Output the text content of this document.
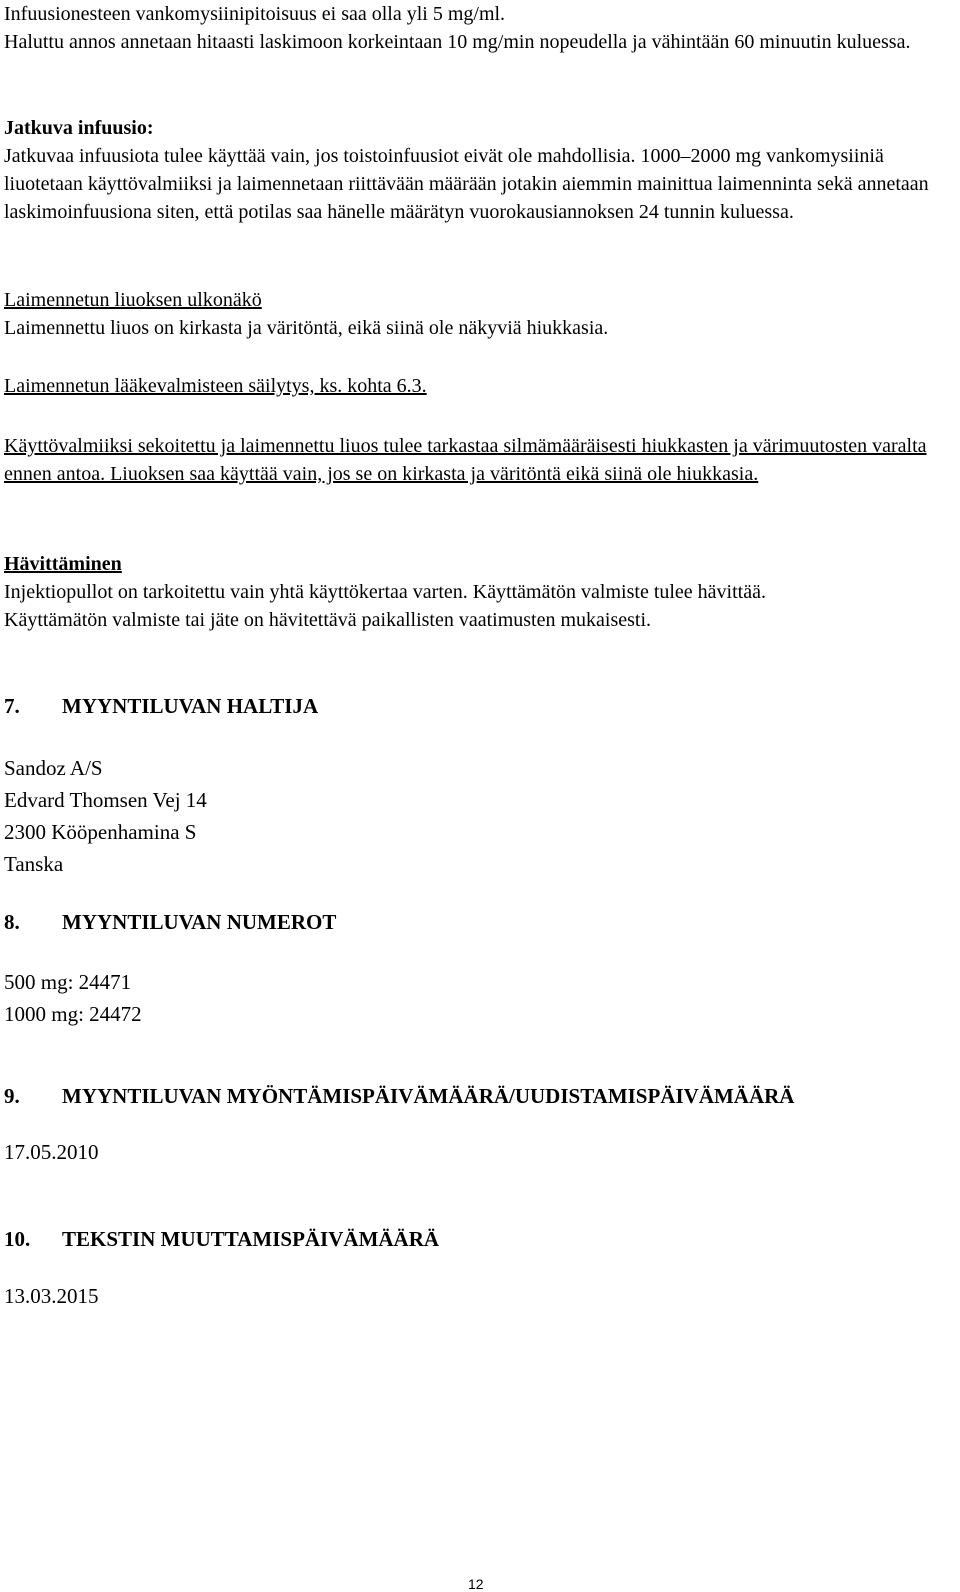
Infuusionesteen vankomysiinipitoisuus ei saa olla yli 5 mg/ml.

Haluttu annos annetaan hitaasti laskimoon korkeintaan 10 mg/min nopeudella ja vähintään 60 minuutin kuluessa.

Jatkuva infuusio:

Jatkuvaa infuusiota tulee käyttää vain, jos toistoinfuusiot eivät ole mahdollisia. 1000–2000 mg vankomysiiniä liuotetaan käyttövalmiiksi ja laimennetaan riittävään määrään jotakin aiemmin mainittua laimenninta sekä annetaan laskimoinfuusiona siten, että potilas saa hänelle määrätyn vuorokausiannoksen 24 tunnin kuluessa.

Laimennetun liuoksen ulkonäkö

Laimennettu liuos on kirkasta ja väritöntä, eikä siinä ole näkyviä hiukkasia.

Laimennetun lääkevalmisteen säilytys, ks. kohta 6.3.

Käyttövalmiiksi sekoitettu ja laimennettu liuos tulee tarkastaa silmämääräisesti hiukkasten ja värimuutosten varalta ennen antoa. Liuoksen saa käyttää vain, jos se on kirkasta ja väritöntä eikä siinä ole hiukkasia.

Hävittäminen

Injektiopullot on tarkoitettu vain yhtä käyttökertaa varten. Käyttämätön valmiste tulee hävittää.

Käyttämätön valmiste tai jäte on hävitettävä paikallisten vaatimusten mukaisesti.

7. MYYNTILUVAN HALTIJA

Sandoz A/S

Edvard Thomsen Vej 14

2300 Kööpenhamina S

Tanska

8. MYYNTILUVAN NUMEROT

500 mg: 24471

1000 mg: 24472

9. MYYNTILUVAN MYÖNTÄMISPÄIVÄMÄÄRÄ/UUDISTAMISPÄIVÄMÄÄRÄ
17.05.2010
10. TEKSTIN MUUTTAMISPÄIVÄMÄÄRÄ
13.03.2015
12
